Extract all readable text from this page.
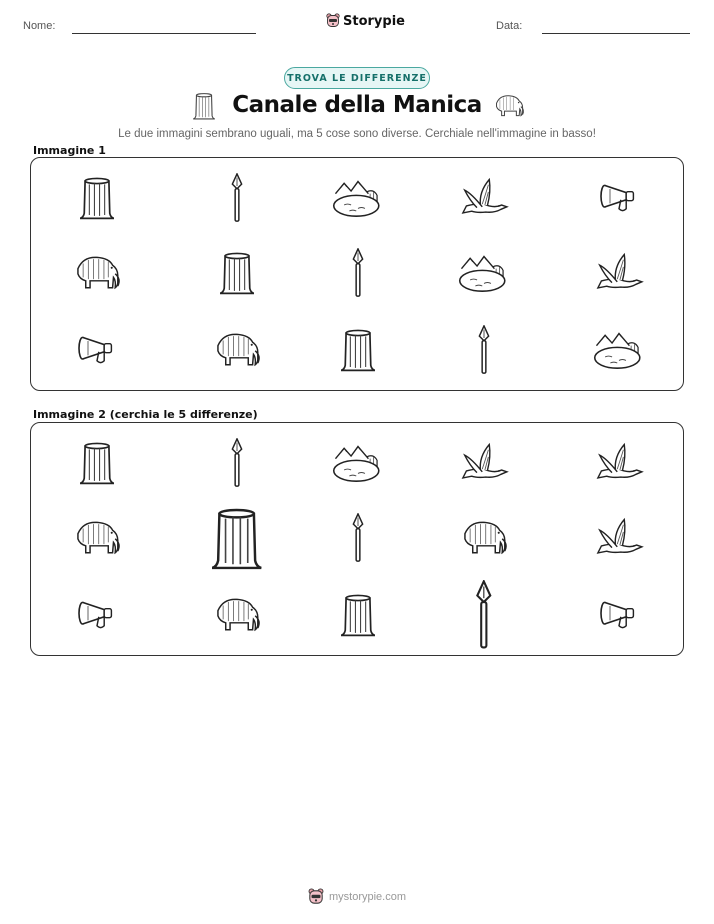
Nome:	Storypie	Data:
TROVA LE DIFFERENZE
Canale della Manica
Le due immagini sembrano uguali, ma 5 cose sono diverse. Cerchiale nell'immagine in basso!
Immagine 1
Immagine 2 (cerchia le 5 differenze)
mystorypie.com
